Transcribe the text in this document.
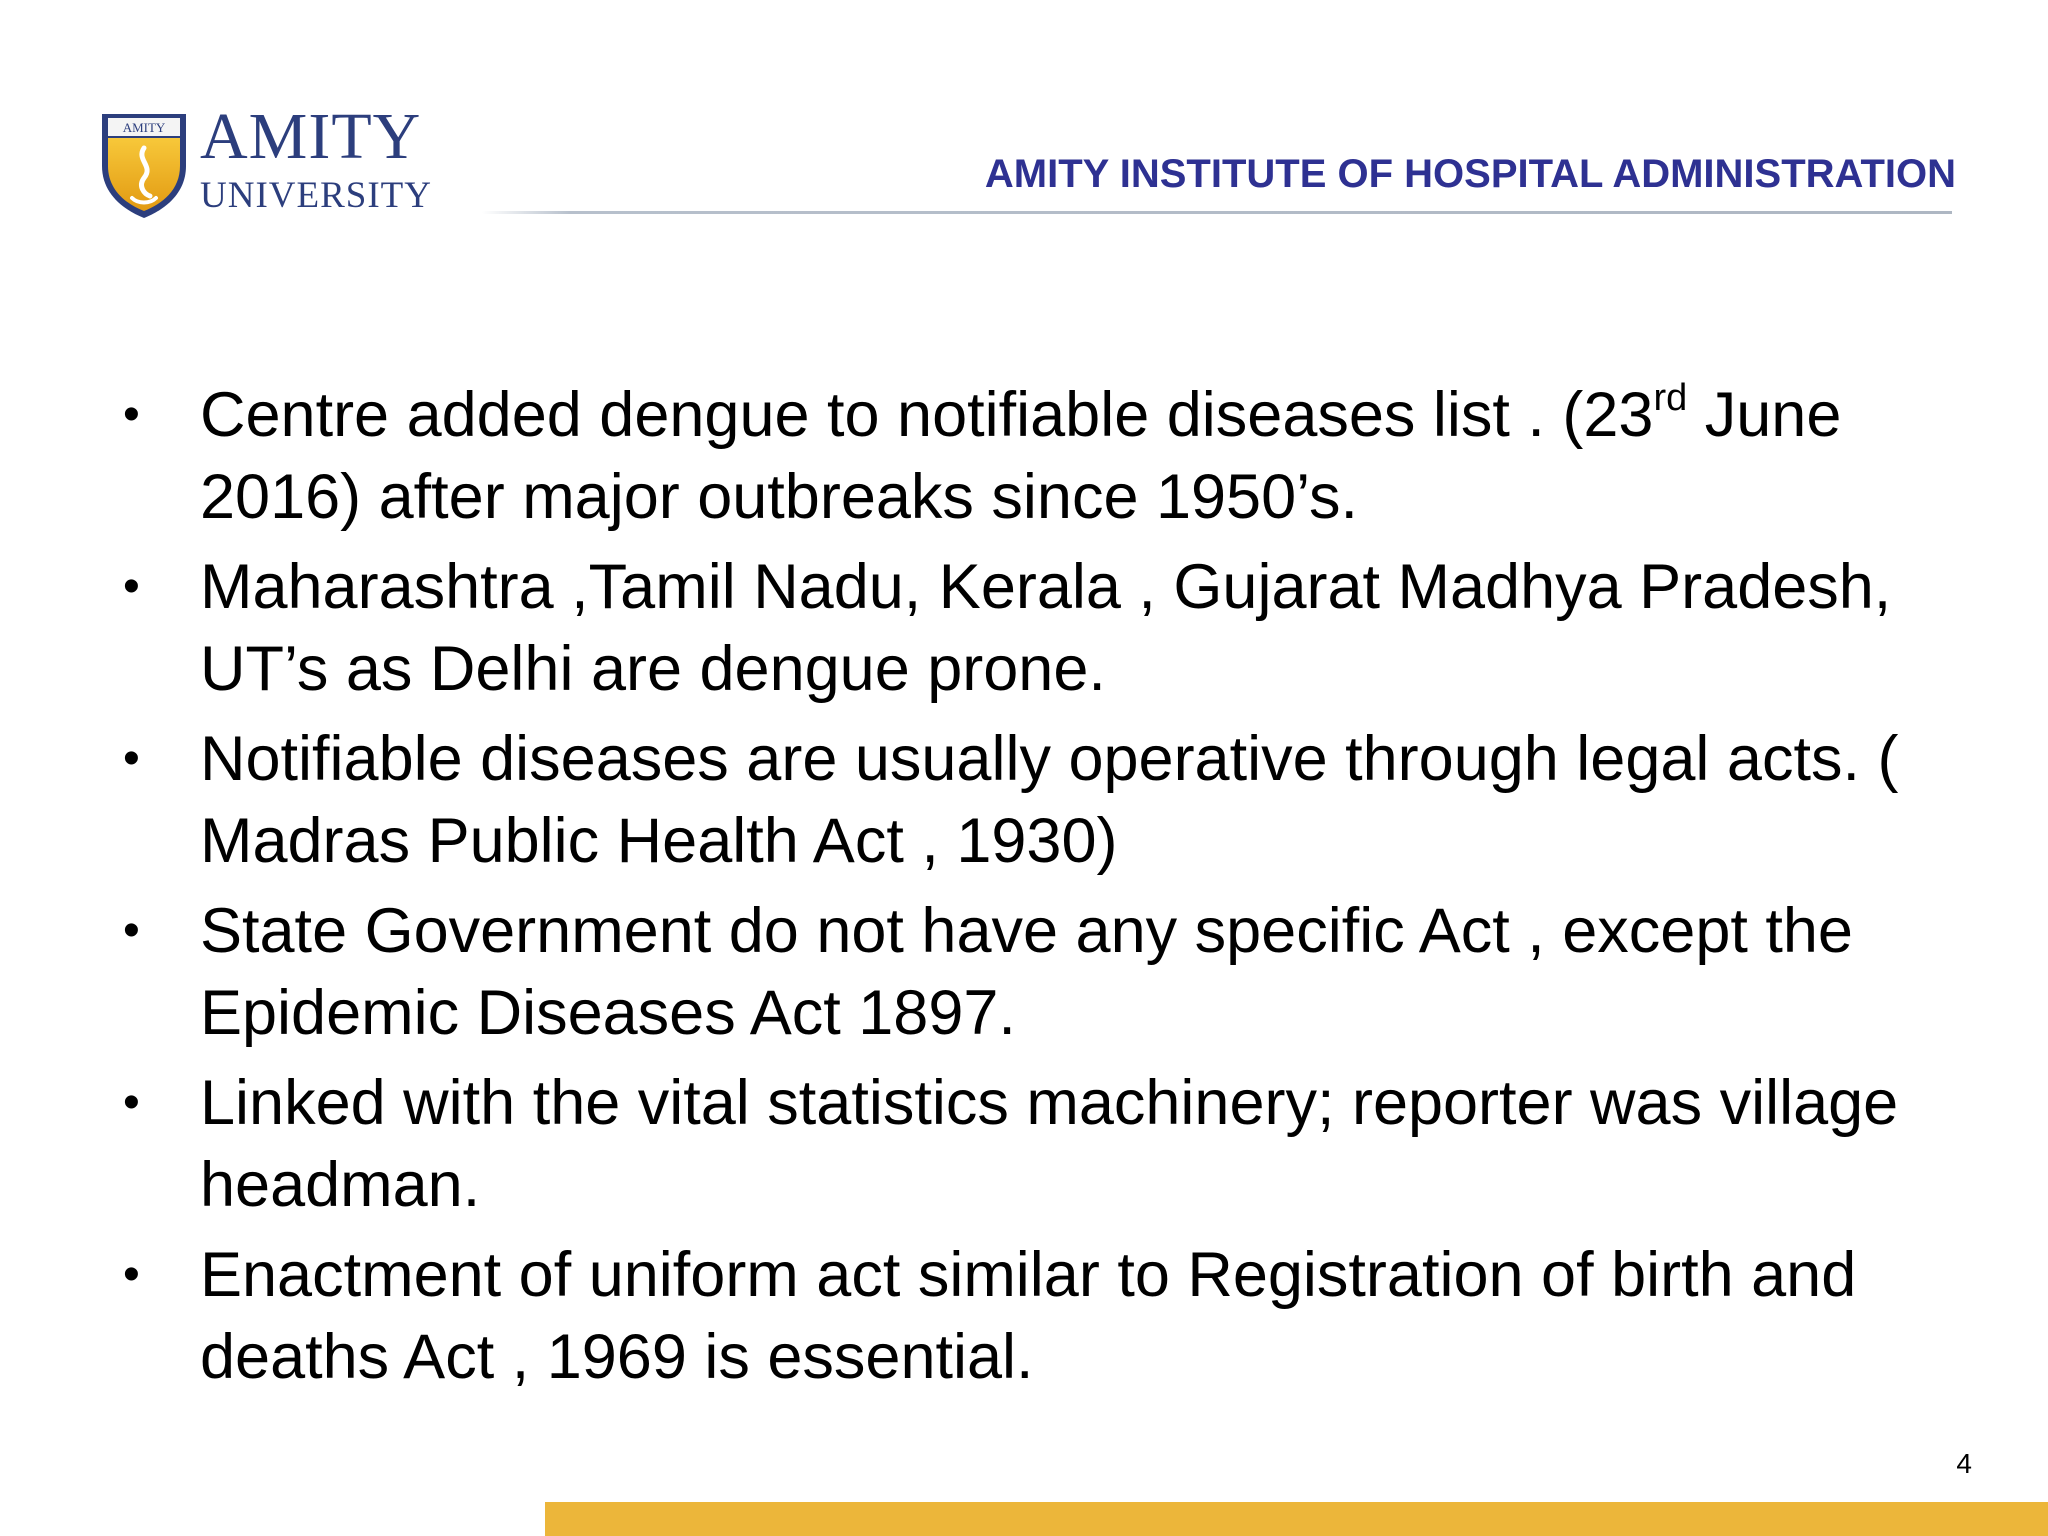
AMITY AMITY
UNIVERSITY	AMITY INSTITUTE OF HOSPITAL ADMINISTRATION
• Centre added dengue to notifiable diseases list . (23rd June 2016) after major outbreaks since 1950’s.
• Maharashtra ,Tamil Nadu, Kerala , Gujarat Madhya Pradesh, UT’s as Delhi are dengue prone.
• Notifiable diseases are usually operative through legal acts. ( Madras Public Health Act , 1930)
• State Government do not have any specific Act , except the Epidemic Diseases Act 1897.
• Linked with the vital statistics machinery; reporter was village headman.
• Enactment of uniform act similar to Registration of birth and deaths Act , 1969 is essential.
4
